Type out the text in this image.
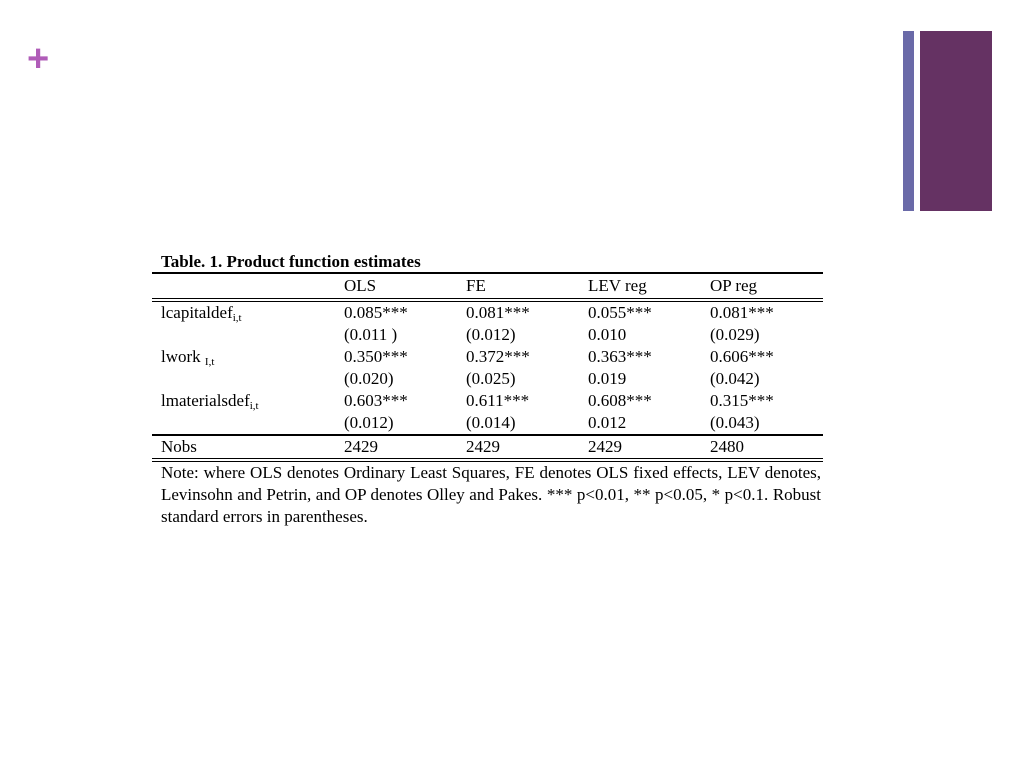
+
Table. 1. Product function estimates
	OLS	FE	LEV reg	OP reg
lcapitaldef$_{i,t}$	0.085***	0.081***	0.055***	0.081***
	(0.011 )	(0.012)	0.010	(0.029)
lwork $_{I,t}$	0.350***	0.372***	0.363***	0.606***
	(0.020)	(0.025)	0.019	(0.042)
lmaterialsdef$_{i,t}$	0.603***	0.611***	0.608***	0.315***
	(0.012)	(0.014)	0.012	(0.043)
Nobs	2429	2429	2429	2480
Note: where OLS denotes Ordinary Least Squares, FE denotes OLS fixed effects, LEV denotes, Levinsohn and Petrin, and OP denotes Olley and Pakes. *** p<0.01, ** p<0.05, * p<0.1. Robust standard errors in parentheses.
